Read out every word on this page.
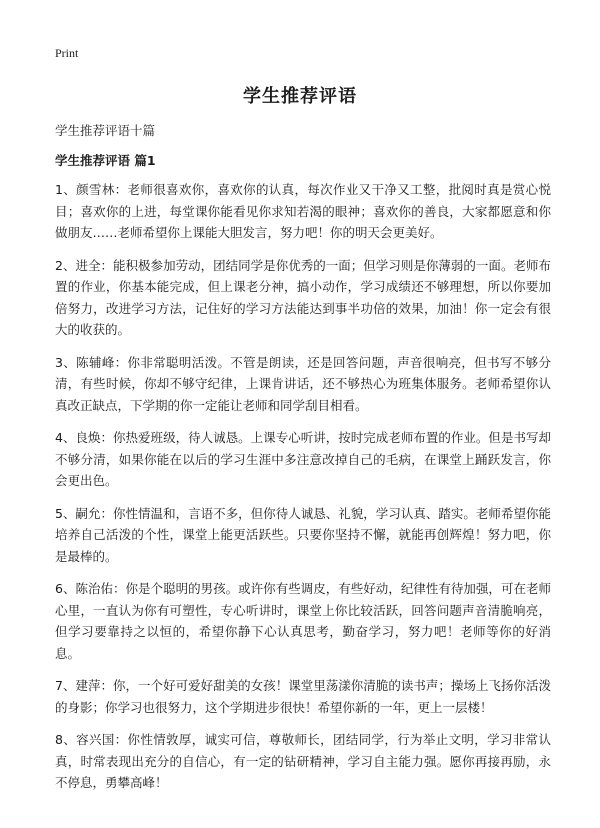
Print
学生推荐评语
学生推荐评语十篇
学生推荐评语 篇1

1、颜雪林：老师很喜欢你，喜欢你的认真，每次作业又干净又工整，批阅时真是赏心悦目；喜欢你的上进，每堂课你能看见你求知若渴的眼神；喜欢你的善良，大家都愿意和你做朋友……老师希望你上课能大胆发言，努力吧！你的明天会更美好。

2、进全：能积极参加劳动，团结同学是你优秀的一面；但学习则是你薄弱的一面。老师布置的作业，你基本能完成，但上课老分神，搞小动作，学习成绩还不够理想，所以你要加倍努力，改进学习方法，记住好的学习方法能达到事半功倍的效果，加油！你一定会有很大的收获的。

3、陈辅峰：你非常聪明活泼。不管是朗读，还是回答问题，声音很响亮，但书写不够分清，有些时候，你却不够守纪律，上课肯讲话，还不够热心为班集体服务。老师希望你认真改正缺点，下学期的你一定能让老师和同学刮目相看。

4、良焕：你热爱班级，待人诚恳。上课专心听讲，按时完成老师布置的作业。但是书写却不够分清，如果你能在以后的学习生涯中多注意改掉自己的毛病，在课堂上踊跃发言，你会更出色。

5、嗣允：你性情温和，言语不多，但你待人诚恳、礼貌，学习认真、踏实。老师希望你能培养自己活泼的个性，课堂上能更活跃些。只要你坚持不懈，就能再创辉煌！努力吧，你是最棒的。

6、陈治佑：你是个聪明的男孩。或许你有些调皮，有些好动，纪律性有待加强，可在老师心里，一直认为你有可塑性，专心听讲时，课堂上你比较活跃，回答问题声音清脆响亮，但学习要靠持之以恒的，希望你静下心认真思考，勤奋学习，努力吧！老师等你的好消息。

7、建萍：你，一个好可爱好甜美的女孩！课堂里荡漾你清脆的读书声；操场上飞扬你活泼的身影；你学习也很努力，这个学期进步很快！希望你新的一年，更上一层楼！

8、容兴国：你性情敦厚，诚实可信，尊敬师长，团结同学，行为举止文明，学习非常认真，时常表现出充分的自信心，有一定的钻研精神，学习自主能力强。愿你再接再励，永不停息，勇攀高峰！
